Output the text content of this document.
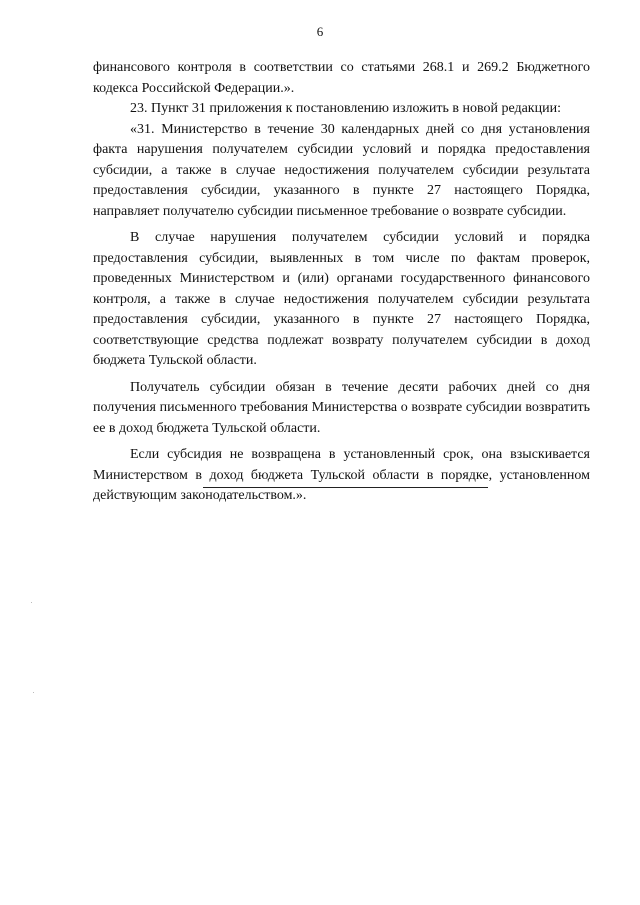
6

финансового контроля в соответствии со статьями 268.1 и 269.2 Бюджетного кодекса Российской Федерации.».

23. Пункт 31 приложения к постановлению изложить в новой редакции:

«31. Министерство в течение 30 календарных дней со дня установления факта нарушения получателем субсидии условий и порядка предоставления субсидии, а также в случае недостижения получателем субсидии результата предоставления субсидии, указанного в пункте 27 настоящего Порядка, направляет получателю субсидии письменное требование о возврате субсидии.

В случае нарушения получателем субсидии условий и порядка предоставления субсидии, выявленных в том числе по фактам проверок, проведенных Министерством и (или) органами государственного финансового контроля, а также в случае недостижения получателем субсидии результата предоставления субсидии, указанного в пункте 27 настоящего Порядка, соответствующие средства подлежат возврату получателем субсидии в доход бюджета Тульской области.

Получатель субсидии обязан в течение десяти рабочих дней со дня получения письменного требования Министерства о возврате субсидии возвратить ее в доход бюджета Тульской области.

Если субсидия не возвращена в установленный срок, она взыскивается Министерством в доход бюджета Тульской области в порядке, установленном действующим законодательством.».
